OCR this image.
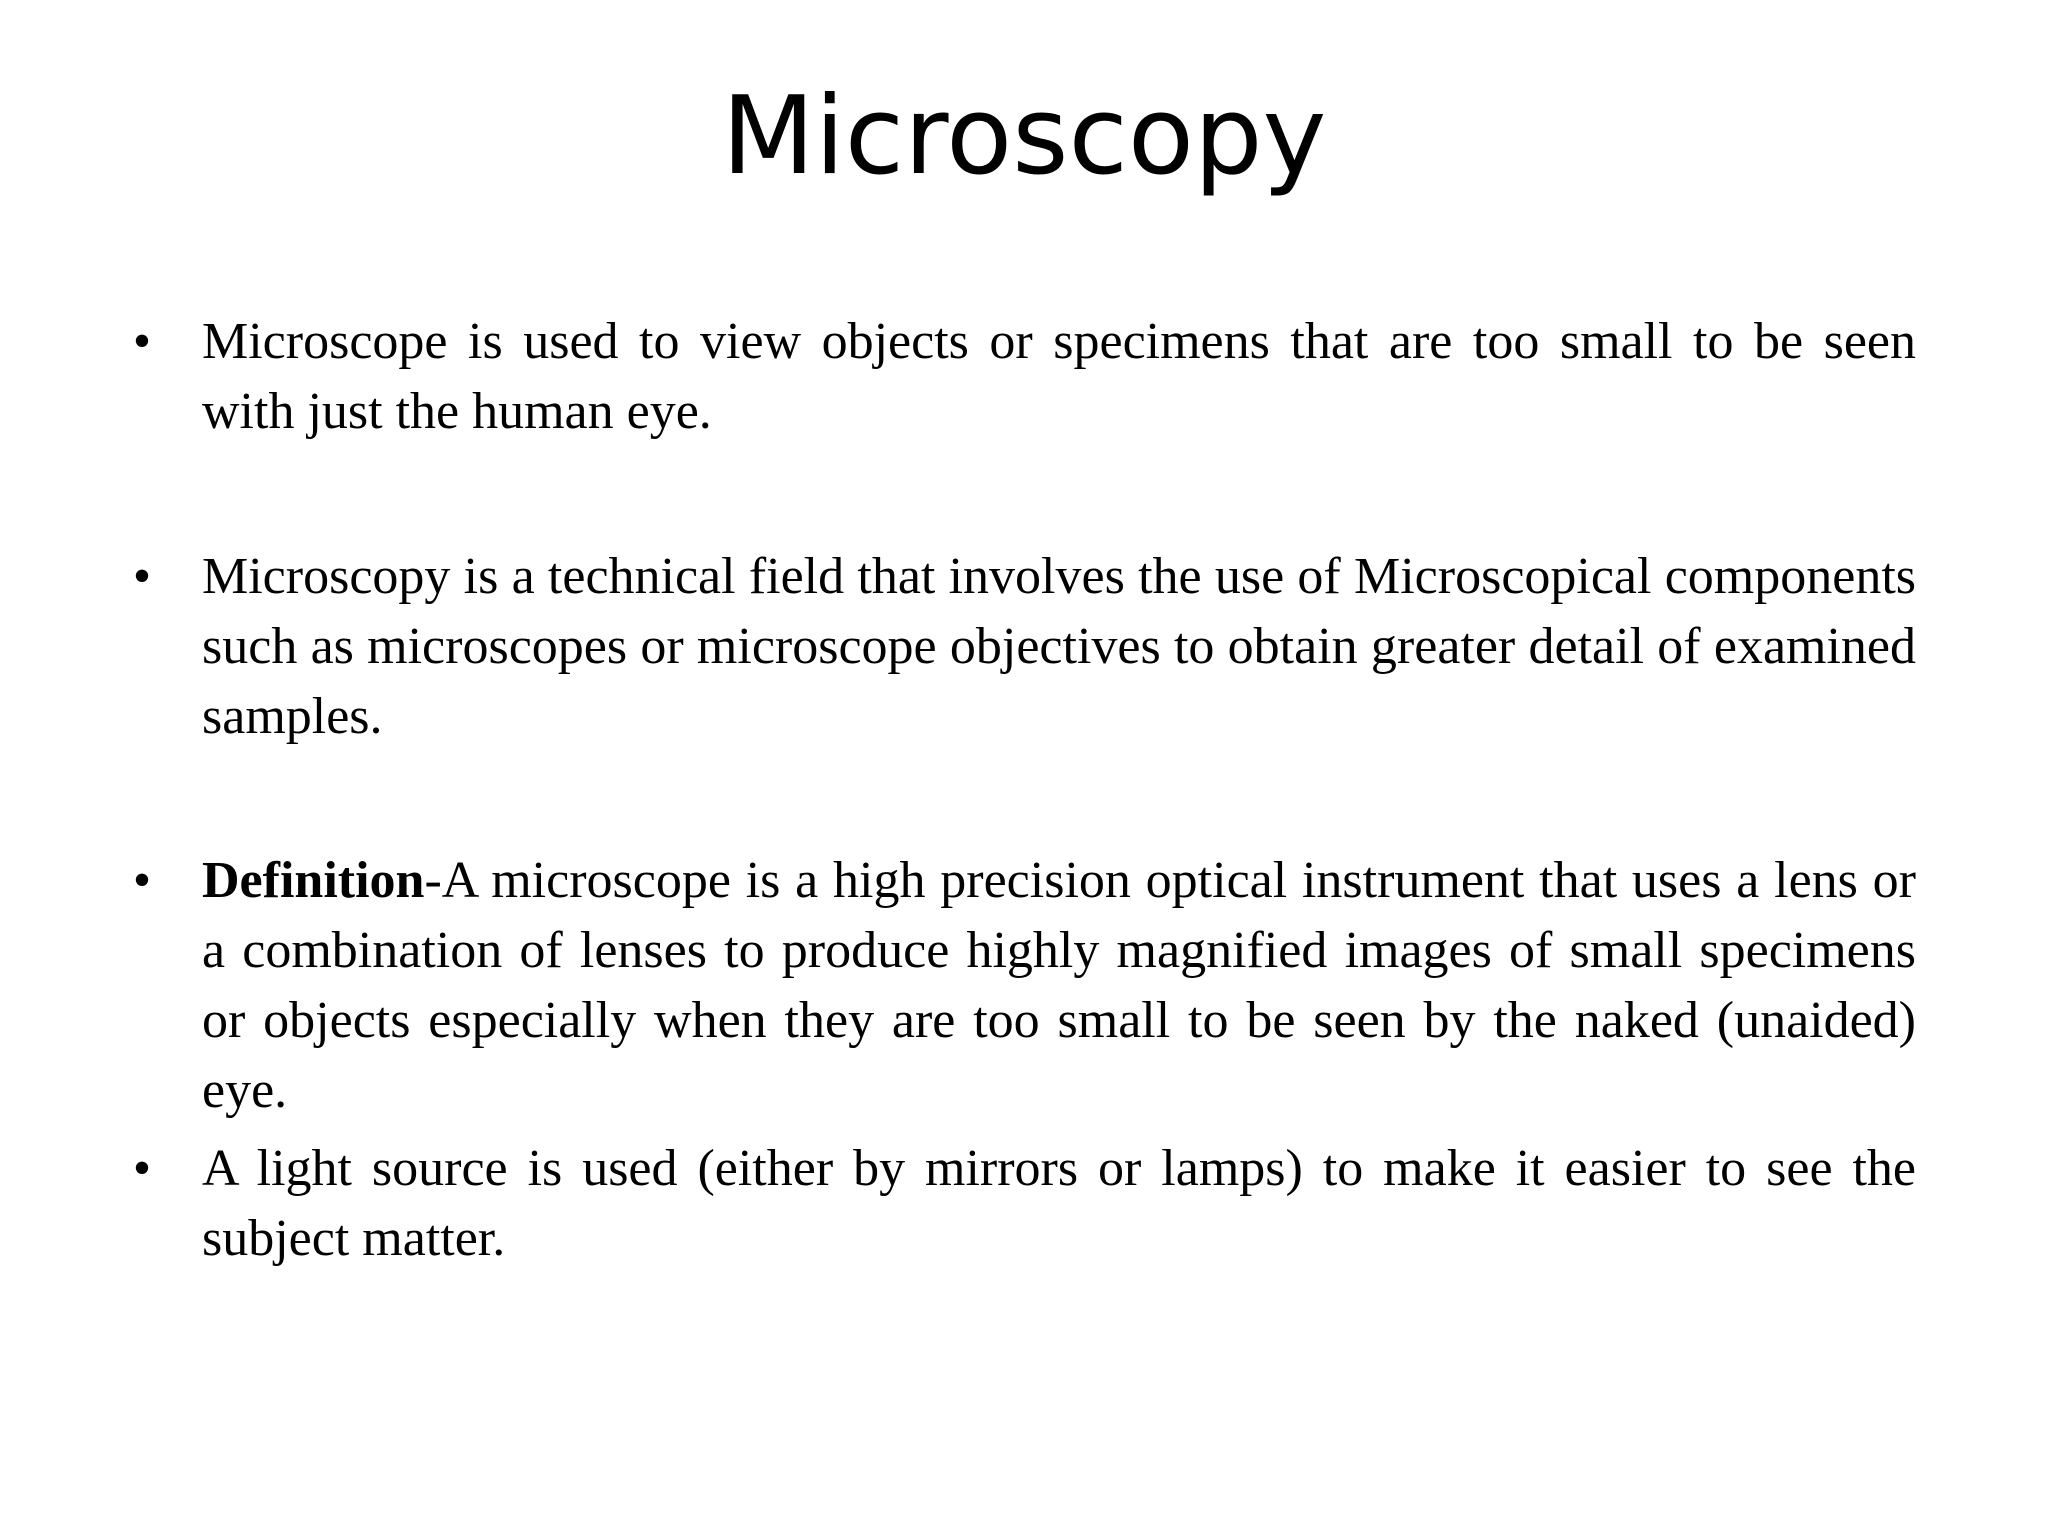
Microscopy
• Microscope is used to view objects or specimens that are too small to be seen with just the human eye.
• Microscopy is a technical field that involves the use of Microscopical components such as microscopes or microscope objectives to obtain greater detail of examined samples.
• Definition-A microscope is a high precision optical instrument that uses a lens or a combination of lenses to produce highly magnified images of small specimens or objects especially when they are too small to be seen by the naked (unaided) eye.
• A light source is used (either by mirrors or lamps) to make it easier to see the subject matter.
